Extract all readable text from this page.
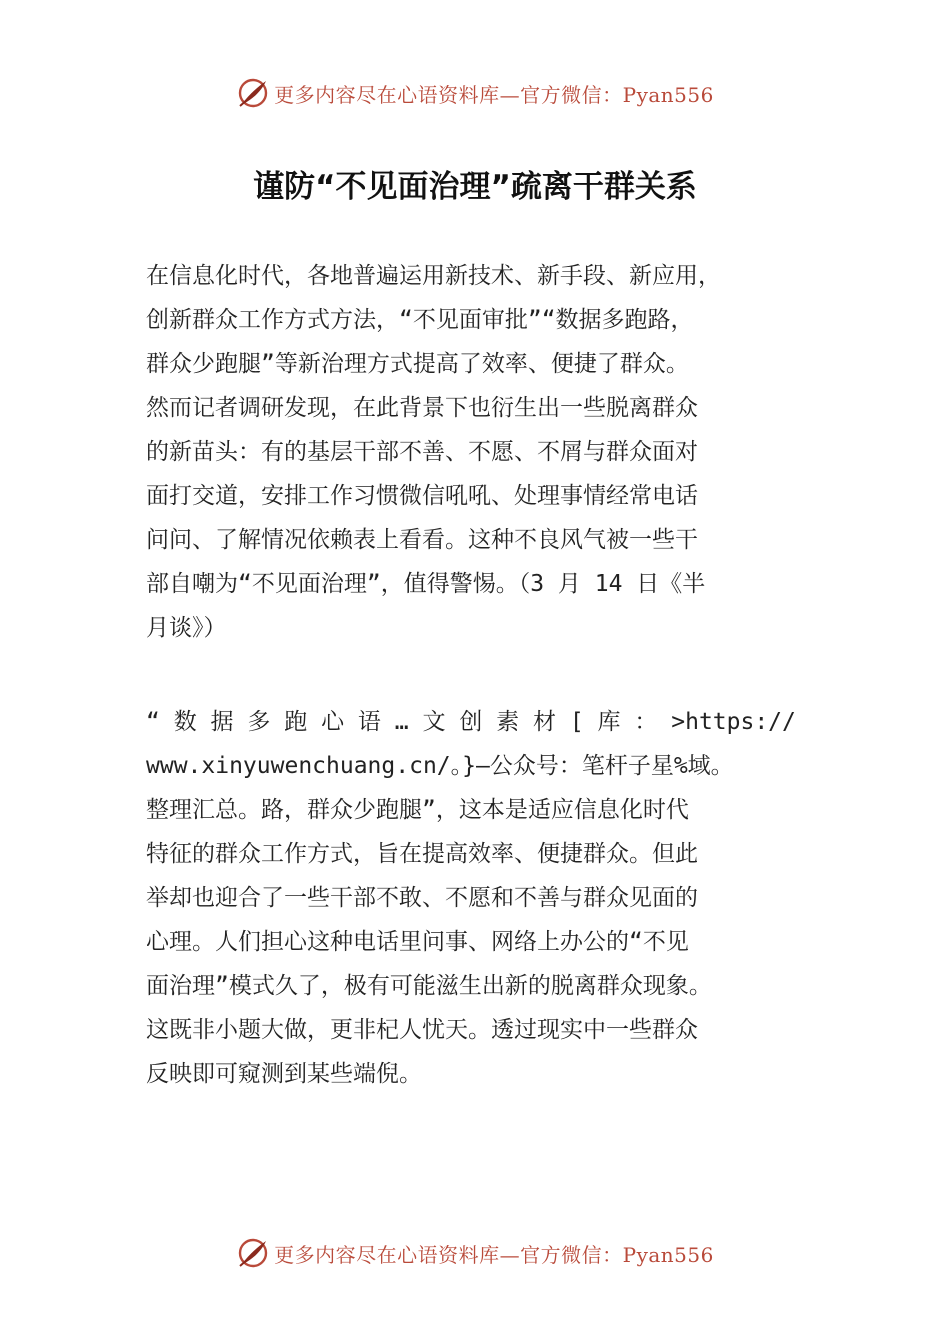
更多内容尽在心语资料库—官方微信：Pyan556
谨防“不见面治理”疏离干群关系
在信息化时代，各地普遍运用新技术、新手段、新应用，
创新群众工作方式方法，“不见面审批”“数据多跑路，
群众少跑腿”等新治理方式提高了效率、便捷了群众。
然而记者调研发现，在此背景下也衍生出一些脱离群众
的新苗头：有的基层干部不善、不愿、不屑与群众面对
面打交道，安排工作习惯微信吼吼、处理事情经常电话
问问、了解情况依赖表上看看。这种不良风气被一些干
部自嘲为“不见面治理”，值得警惕。（3 月 14 日《半
月谈》）
“ 数 据 多 跑 心 语 … 文 创 素 材 [ 库 ： >https://
www.xinyuwenchuang.cn/。}—公众号：笔杆子星%域。
整理汇总。路，群众少跑腿”，这本是适应信息化时代
特征的群众工作方式，旨在提高效率、便捷群众。但此
举却也迎合了一些干部不敢、不愿和不善与群众见面的
心理。人们担心这种电话里问事、网络上办公的“不见
面治理”模式久了，极有可能滋生出新的脱离群众现象。
这既非小题大做，更非杞人忧天。透过现实中一些群众
反映即可窥测到某些端倪。
更多内容尽在心语资料库—官方微信：Pyan556
